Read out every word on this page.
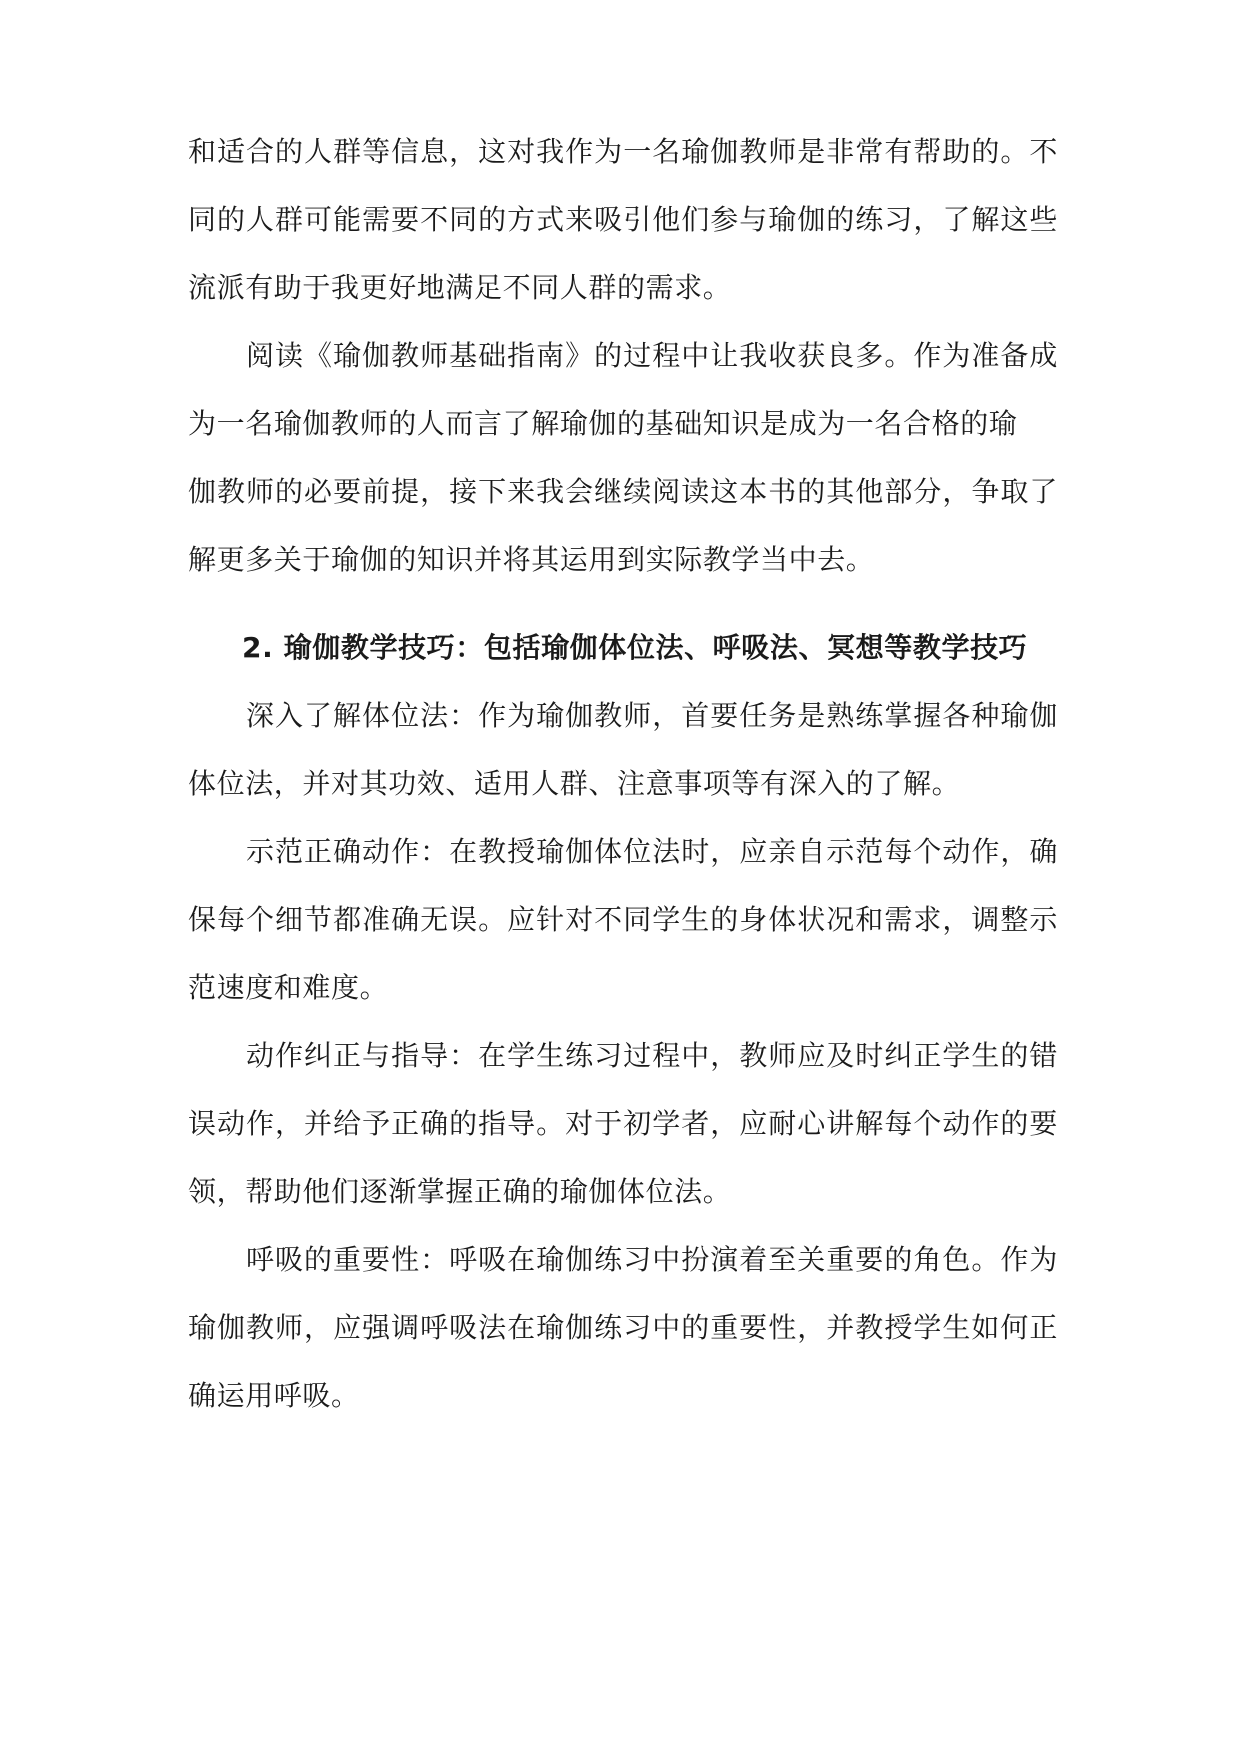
和适合的人群等信息，这对我作为一名瑜伽教师是非常有帮助的。不
同的人群可能需要不同的方式来吸引他们参与瑜伽的练习，了解这些
流派有助于我更好地满足不同人群的需求。
阅读《瑜伽教师基础指南》的过程中让我收获良多。作为准备成
为一名瑜伽教师的人而言了解瑜伽的基础知识是成为一名合格的瑜
伽教师的必要前提，接下来我会继续阅读这本书的其他部分，争取了
解更多关于瑜伽的知识并将其运用到实际教学当中去。
2. 瑜伽教学技巧：包括瑜伽体位法、呼吸法、冥想等教学技巧
深入了解体位法：作为瑜伽教师，首要任务是熟练掌握各种瑜伽
体位法，并对其功效、适用人群、注意事项等有深入的了解。
示范正确动作：在教授瑜伽体位法时，应亲自示范每个动作，确
保每个细节都准确无误。应针对不同学生的身体状况和需求，调整示
范速度和难度。
动作纠正与指导：在学生练习过程中，教师应及时纠正学生的错
误动作，并给予正确的指导。对于初学者，应耐心讲解每个动作的要
领，帮助他们逐渐掌握正确的瑜伽体位法。
呼吸的重要性：呼吸在瑜伽练习中扮演着至关重要的角色。作为
瑜伽教师，应强调呼吸法在瑜伽练习中的重要性，并教授学生如何正
确运用呼吸。
